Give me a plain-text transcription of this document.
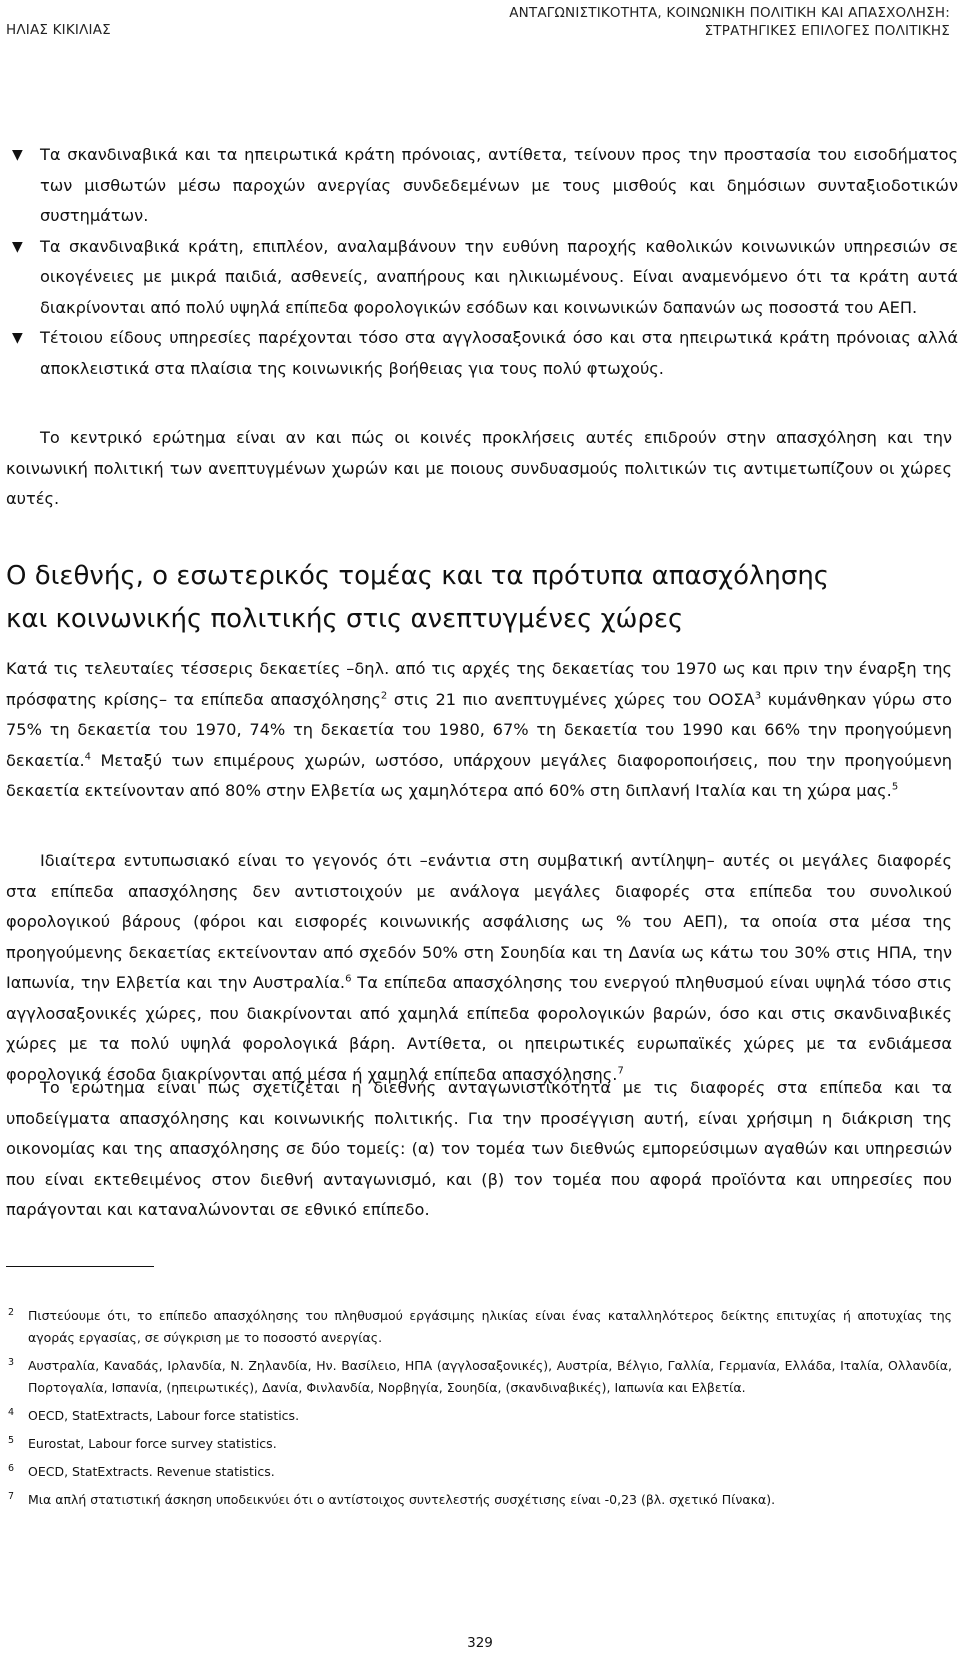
ΗΛΙΑΣ ΚΙΚΙΛΙΑΣ
ΑΝΤΑΓΩΝΙΣΤΙΚΟΤΗΤΑ, ΚΟΙΝΩΝΙΚΗ ΠΟΛΙΤΙΚΗ ΚΑΙ ΑΠΑΣΧΟΛΗΣΗ:
ΣΤΡΑΤΗΓΙΚΕΣ ΕΠΙΛΟΓΕΣ ΠΟΛΙΤΙΚΗΣ
▼ Τα σκανδιναβικά και τα ηπειρωτικά κράτη πρόνοιας, αντίθετα, τείνουν προς την προστασία του εισοδήματος των μισθωτών μέσω παροχών ανεργίας συνδεδεμένων με τους μισθούς και δημόσιων συνταξιοδοτικών συστημάτων.
▼ Τα σκανδιναβικά κράτη, επιπλέον, αναλαμβάνουν την ευθύνη παροχής καθολικών κοινωνικών υπηρεσιών σε οικογένειες με μικρά παιδιά, ασθενείς, αναπήρους και ηλικιωμένους. Είναι αναμενόμενο ότι τα κράτη αυτά διακρίνονται από πολύ υψηλά επίπεδα φορολογικών εσόδων και κοινωνικών δαπανών ως ποσοστά του ΑΕΠ.
▼ Τέτοιου είδους υπηρεσίες παρέχονται τόσο στα αγγλοσαξονικά όσο και στα ηπειρωτικά κράτη πρόνοιας αλλά αποκλειστικά στα πλαίσια της κοινωνικής βοήθειας για τους πολύ φτωχούς.

Το κεντρικό ερώτημα είναι αν και πώς οι κοινές προκλήσεις αυτές επιδρούν στην απασχόληση και την κοινωνική πολιτική των ανεπτυγμένων χωρών και με ποιους συνδυασμούς πολιτικών τις αντιμετωπίζουν οι χώρες αυτές.

Ο διεθνής, ο εσωτερικός τομέας και τα πρότυπα απασχόλησης
και κοινωνικής πολιτικής στις ανεπτυγμένες χώρες

Κατά τις τελευταίες τέσσερις δεκαετίες –δηλ. από τις αρχές της δεκαετίας του 1970 ως και πριν την έναρξη της πρόσφατης κρίσης– τα επίπεδα απασχόλησης$^2$ στις 21 πιο ανεπτυγμένες χώρες του ΟΟΣΑ$^3$ κυμάνθηκαν γύρω στο 75% τη δεκαετία του 1970, 74% τη δεκαετία του 1980, 67% τη δεκαετία του 1990 και 66% την προηγούμενη δεκαετία.$^4$ Μεταξύ των επιμέρους χωρών, ωστόσο, υπάρχουν μεγάλες διαφοροποιήσεις, που την προηγούμενη δεκαετία εκτείνονταν από 80% στην Ελβετία ως χαμηλότερα από 60% στη διπλανή Ιταλία και τη χώρα μας.$^5$

Ιδιαίτερα εντυπωσιακό είναι το γεγονός ότι –ενάντια στη συμβατική αντίληψη– αυτές οι μεγάλες διαφορές στα επίπεδα απασχόλησης δεν αντιστοιχούν με ανάλογα μεγάλες διαφορές στα επίπεδα του συνολικού φορολογικού βάρους (φόροι και εισφορές κοινωνικής ασφάλισης ως % του ΑΕΠ), τα οποία στα μέσα της προηγούμενης δεκαετίας εκτείνονταν από σχεδόν 50% στη Σουηδία και τη Δανία ως κάτω του 30% στις ΗΠΑ, την Ιαπωνία, την Ελβετία και την Αυστραλία.$^6$ Τα επίπεδα απασχόλησης του ενεργού πληθυσμού είναι υψηλά τόσο στις αγγλοσαξονικές χώρες, που διακρίνονται από χαμηλά επίπεδα φορολογικών βαρών, όσο και στις σκανδιναβικές χώρες με τα πολύ υψηλά φορολογικά βάρη. Αντίθετα, οι ηπειρωτικές ευρωπαϊκές χώρες με τα ενδιάμεσα φορολογικά έσοδα διακρίνονται από μέσα ή χαμηλά επίπεδα απασχόλησης.$^7$

Το ερώτημα είναι πώς σχετίζεται η διεθνής ανταγωνιστικότητα με τις διαφορές στα επίπεδα και τα υποδείγματα απασχόλησης και κοινωνικής πολιτικής. Για την προσέγγιση αυτή, είναι χρήσιμη η διάκριση της οικονομίας και της απασχόλησης σε δύο τομείς: (α) τον τομέα των διεθνώς εμπορεύσιμων αγαθών και υπηρεσιών που είναι εκτεθειμένος στον διεθνή ανταγωνισμό, και (β) τον τομέα που αφορά προϊόντα και υπηρεσίες που παράγονται και καταναλώνονται σε εθνικό επίπεδο.

2 Πιστεύουμε ότι, το επίπεδο απασχόλησης του πληθυσμού εργάσιμης ηλικίας είναι ένας καταλληλότερος δείκτης επιτυχίας ή αποτυχίας της αγοράς εργασίας, σε σύγκριση με το ποσοστό ανεργίας.
3 Αυστραλία, Καναδάς, Ιρλανδία, Ν. Ζηλανδία, Ην. Βασίλειο, ΗΠΑ (αγγλοσαξονικές), Αυστρία, Βέλγιο, Γαλλία, Γερμανία, Ελλάδα, Ιταλία, Ολλανδία, Πορτογαλία, Ισπανία, (ηπειρωτικές), Δανία, Φινλανδία, Νορβηγία, Σουηδία, (σκανδιναβικές), Ιαπωνία και Ελβετία.
4 OECD, StatExtracts, Labour force statistics.
5 Eurostat, Labour force survey statistics.
6 OECD, StatExtracts. Revenue statistics.
7 Μια απλή στατιστική άσκηση υποδεικνύει ότι ο αντίστοιχος συντελεστής συσχέτισης είναι -0,23 (βλ. σχετικό Πίνακα).
329
